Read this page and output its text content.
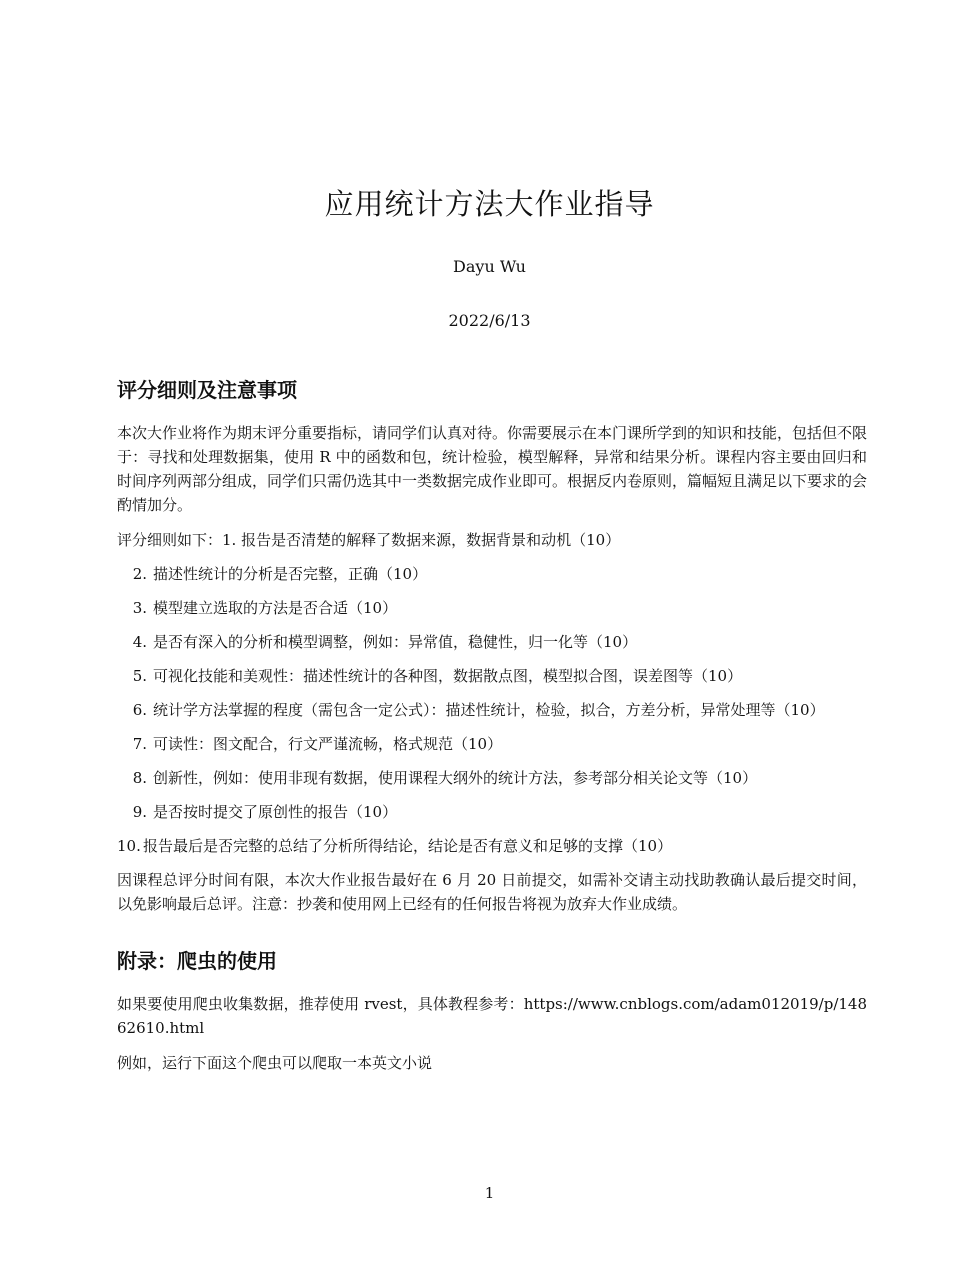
应用统计方法大作业指导
Dayu Wu
2022/6/13
评分细则及注意事项

本次大作业将作为期末评分重要指标，请同学们认真对待。你需要展示在本门课所学到的知识和技能，包括但不限于：寻找和处理数据集，使用 R 中的函数和包，统计检验，模型解释，异常和结果分析。课程内容主要由回归和时间序列两部分组成，同学们只需仍选其中一类数据完成作业即可。根据反内卷原则，篇幅短且满足以下要求的会酌情加分。

评分细则如下：1. 报告是否清楚的解释了数据来源，数据背景和动机（10）
2. 描述性统计的分析是否完整，正确（10）
3. 模型建立选取的方法是否合适（10）
4. 是否有深入的分析和模型调整，例如：异常值，稳健性，归一化等（10）
5. 可视化技能和美观性：描述性统计的各种图，数据散点图，模型拟合图，误差图等（10）
6. 统计学方法掌握的程度（需包含一定公式）：描述性统计，检验，拟合，方差分析，异常处理等（10）
7. 可读性：图文配合，行文严谨流畅，格式规范（10）
8. 创新性，例如：使用非现有数据，使用课程大纲外的统计方法，参考部分相关论文等（10）
9. 是否按时提交了原创性的报告（10）
10. 报告最后是否完整的总结了分析所得结论，结论是否有意义和足够的支撑（10）

因课程总评分时间有限，本次大作业报告最好在 6 月 20 日前提交，如需补交请主动找助教确认最后提交时间，以免影响最后总评。注意：抄袭和使用网上已经有的任何报告将视为放弃大作业成绩。

附录：爬虫的使用

如果要使用爬虫收集数据，推荐使用 rvest，具体教程参考：https://www.cnblogs.com/adam012019/p/14862610.html

例如，运行下面这个爬虫可以爬取一本英文小说

1
